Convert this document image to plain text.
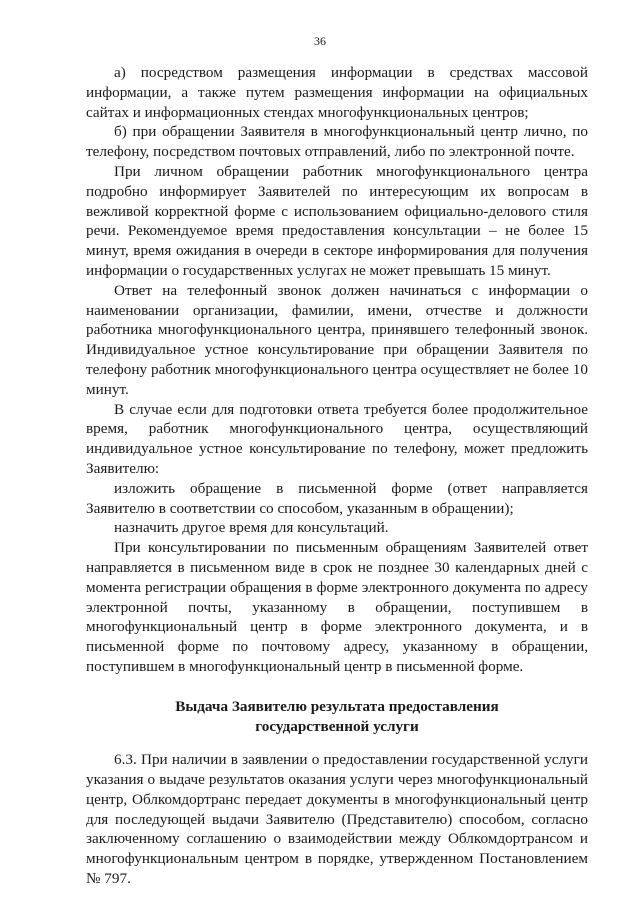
36

а) посредством размещения информации в средствах массовой информации, а также путем размещения информации на официальных сайтах и информационных стендах многофункциональных центров;

б) при обращении Заявителя в многофункциональный центр лично, по телефону, посредством почтовых отправлений, либо по электронной почте.

При личном обращении работник многофункционального центра подробно информирует Заявителей по интересующим их вопросам в вежливой корректной форме с использованием официально-делового стиля речи. Рекомендуемое время предоставления консультации – не более 15 минут, время ожидания в очереди в секторе информирования для получения информации о государственных услугах не может превышать 15 минут.

Ответ на телефонный звонок должен начинаться с информации о наименовании организации, фамилии, имени, отчестве и должности работника многофункционального центра, принявшего телефонный звонок. Индивидуальное устное консультирование при обращении Заявителя по телефону работник многофункционального центра осуществляет не более 10 минут.

В случае если для подготовки ответа требуется более продолжительное время, работник многофункционального центра, осуществляющий индивидуальное устное консультирование по телефону, может предложить Заявителю:

изложить обращение в письменной форме (ответ направляется Заявителю в соответствии со способом, указанным в обращении);

назначить другое время для консультаций.

При консультировании по письменным обращениям Заявителей ответ направляется в письменном виде в срок не позднее 30 календарных дней с момента регистрации обращения в форме электронного документа по адресу электронной почты, указанному в обращении, поступившем в многофункциональный центр в форме электронного документа, и в письменной форме по почтовому адресу, указанному в обращении, поступившем в многофункциональный центр в письменной форме.

Выдача Заявителю результата предоставления
государственной услуги

6.3. При наличии в заявлении о предоставлении государственной услуги указания о выдаче результатов оказания услуги через многофункциональный центр, Облкомдортранс передает документы в многофункциональный центр для последующей выдачи Заявителю (Представителю) способом, согласно заключенному соглашению о взаимодействии между Облкомдортрансом и многофункциональным центром в порядке, утвержденном Постановлением № 797.
